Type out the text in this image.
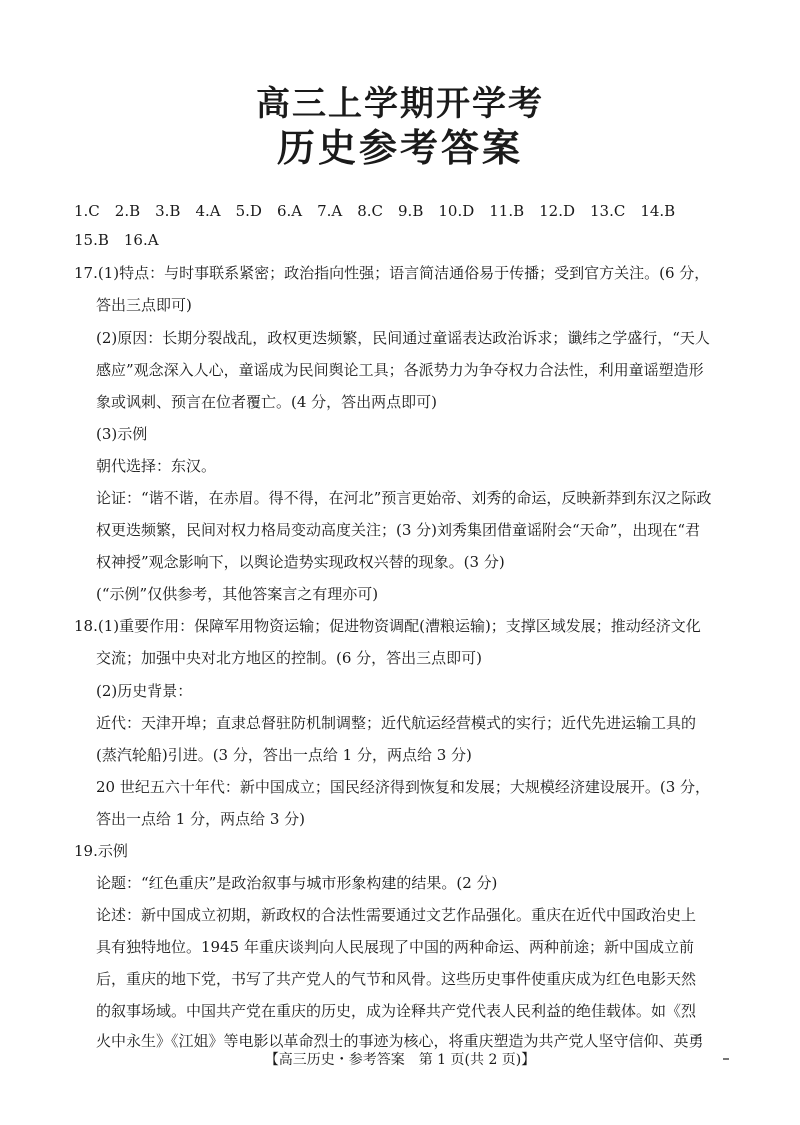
高三上学期开学考
历史参考答案
1.C　2.B　3.B　4.A　5.D　6.A　7.A　8.C　9.B　10.D　11.B　12.D　13.C　14.B
15.B　16.A
17.(1)特点：与时事联系紧密；政治指向性强；语言简洁通俗易于传播；受到官方关注。(6 分，
答出三点即可)
(2)原因：长期分裂战乱，政权更迭频繁，民间通过童谣表达政治诉求；谶纬之学盛行，“天人
感应”观念深入人心，童谣成为民间舆论工具；各派势力为争夺权力合法性，利用童谣塑造形
象或讽刺、预言在位者覆亡。(4 分，答出两点即可)
(3)示例
朝代选择：东汉。
论证：“谐不谐，在赤眉。得不得，在河北”预言更始帝、刘秀的命运，反映新莽到东汉之际政
权更迭频繁，民间对权力格局变动高度关注；(3 分)刘秀集团借童谣附会“天命”，出现在“君
权神授”观念影响下，以舆论造势实现政权兴替的现象。(3 分)
(“示例”仅供参考，其他答案言之有理亦可)
18.(1)重要作用：保障军用物资运输；促进物资调配(漕粮运输)；支撑区域发展；推动经济文化
交流；加强中央对北方地区的控制。(6 分，答出三点即可)
(2)历史背景：
近代：天津开埠；直隶总督驻防机制调整；近代航运经营模式的实行；近代先进运输工具的
(蒸汽轮船)引进。(3 分，答出一点给 1 分，两点给 3 分)
20 世纪五六十年代：新中国成立；国民经济得到恢复和发展；大规模经济建设展开。(3 分，
答出一点给 1 分，两点给 3 分)
19.示例
论题：“红色重庆”是政治叙事与城市形象构建的结果。(2 分)
论述：新中国成立初期，新政权的合法性需要通过文艺作品强化。重庆在近代中国政治史上
具有独特地位。1945 年重庆谈判向人民展现了中国的两种命运、两种前途；新中国成立前
后，重庆的地下党，书写了共产党人的气节和风骨。这些历史事件使重庆成为红色电影天然
的叙事场域。中国共产党在重庆的历史，成为诠释共产党代表人民利益的绝佳载体。如《烈
火中永生》《江姐》等电影以革命烈士的事迹为核心，将重庆塑造为共产党人坚守信仰、英勇
【高三历史・参考答案　第 1 页(共 2 页)】
